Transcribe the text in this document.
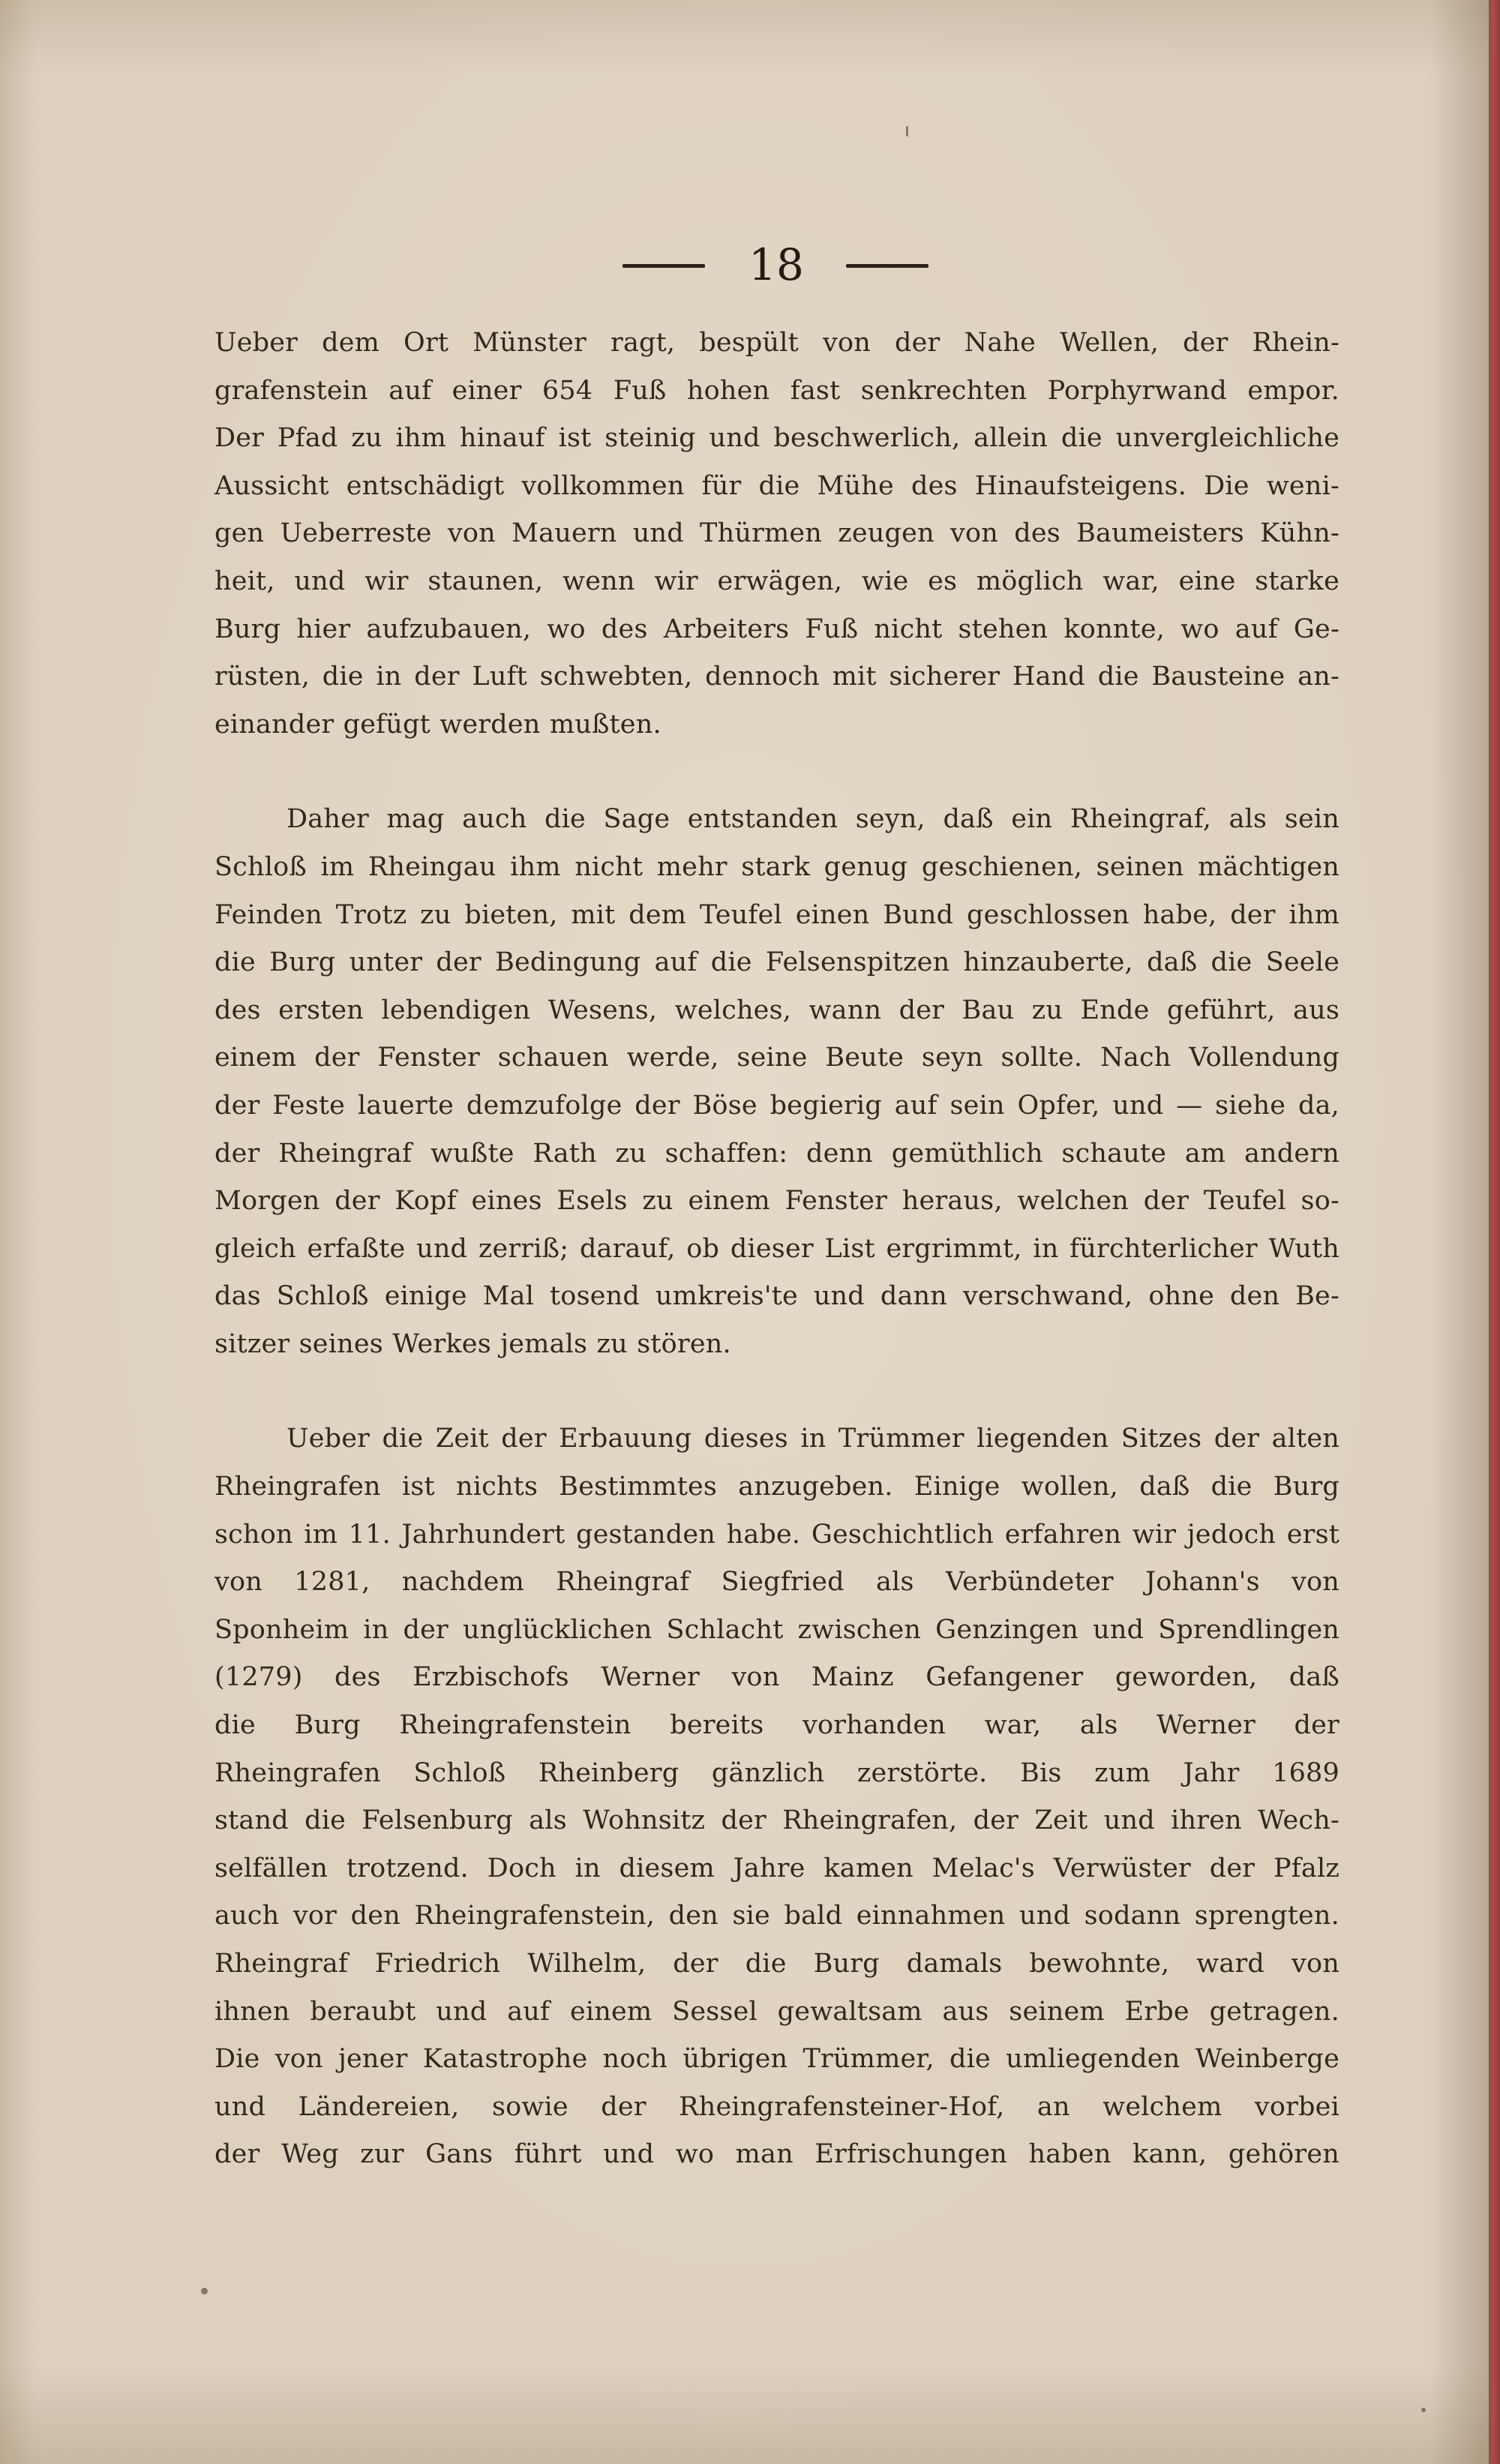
18
Ueber dem Ort Münster ragt, bespült von der Nahe Wellen, der Rhein-
grafenstein auf einer 654 Fuß hohen fast senkrechten Porphyrwand empor.
Der Pfad zu ihm hinauf ist steinig und beschwerlich, allein die unvergleichliche
Aussicht entschädigt vollkommen für die Mühe des Hinaufsteigens. Die weni-
gen Ueberreste von Mauern und Thürmen zeugen von des Baumeisters Kühn-
heit, und wir staunen, wenn wir erwägen, wie es möglich war, eine starke
Burg hier aufzubauen, wo des Arbeiters Fuß nicht stehen konnte, wo auf Ge-
rüsten, die in der Luft schwebten, dennoch mit sicherer Hand die Bausteine an-
einander gefügt werden mußten.
Daher mag auch die Sage entstanden seyn, daß ein Rheingraf, als sein
Schloß im Rheingau ihm nicht mehr stark genug geschienen, seinen mächtigen
Feinden Trotz zu bieten, mit dem Teufel einen Bund geschlossen habe, der ihm
die Burg unter der Bedingung auf die Felsenspitzen hinzauberte, daß die Seele
des ersten lebendigen Wesens, welches, wann der Bau zu Ende geführt, aus
einem der Fenster schauen werde, seine Beute seyn sollte. Nach Vollendung
der Feste lauerte demzufolge der Böse begierig auf sein Opfer, und — siehe da,
der Rheingraf wußte Rath zu schaffen: denn gemüthlich schaute am andern
Morgen der Kopf eines Esels zu einem Fenster heraus, welchen der Teufel so-
gleich erfaßte und zerriß; darauf, ob dieser List ergrimmt, in fürchterlicher Wuth
das Schloß einige Mal tosend umkreis'te und dann verschwand, ohne den Be-
sitzer seines Werkes jemals zu stören.
Ueber die Zeit der Erbauung dieses in Trümmer liegenden Sitzes der alten
Rheingrafen ist nichts Bestimmtes anzugeben. Einige wollen, daß die Burg
schon im 11. Jahrhundert gestanden habe. Geschichtlich erfahren wir jedoch erst
von 1281, nachdem Rheingraf Siegfried als Verbündeter Johann's von
Sponheim in der unglücklichen Schlacht zwischen Genzingen und Sprendlingen
(1279) des Erzbischofs Werner von Mainz Gefangener geworden, daß
die Burg Rheingrafenstein bereits vorhanden war, als Werner der
Rheingrafen Schloß Rheinberg gänzlich zerstörte. Bis zum Jahr 1689
stand die Felsenburg als Wohnsitz der Rheingrafen, der Zeit und ihren Wech-
selfällen trotzend. Doch in diesem Jahre kamen Melac's Verwüster der Pfalz
auch vor den Rheingrafenstein, den sie bald einnahmen und sodann sprengten.
Rheingraf Friedrich Wilhelm, der die Burg damals bewohnte, ward von
ihnen beraubt und auf einem Sessel gewaltsam aus seinem Erbe getragen.
Die von jener Katastrophe noch übrigen Trümmer, die umliegenden Weinberge
und Ländereien, sowie der Rheingrafensteiner-Hof, an welchem vorbei
der Weg zur Gans führt und wo man Erfrischungen haben kann, gehören
